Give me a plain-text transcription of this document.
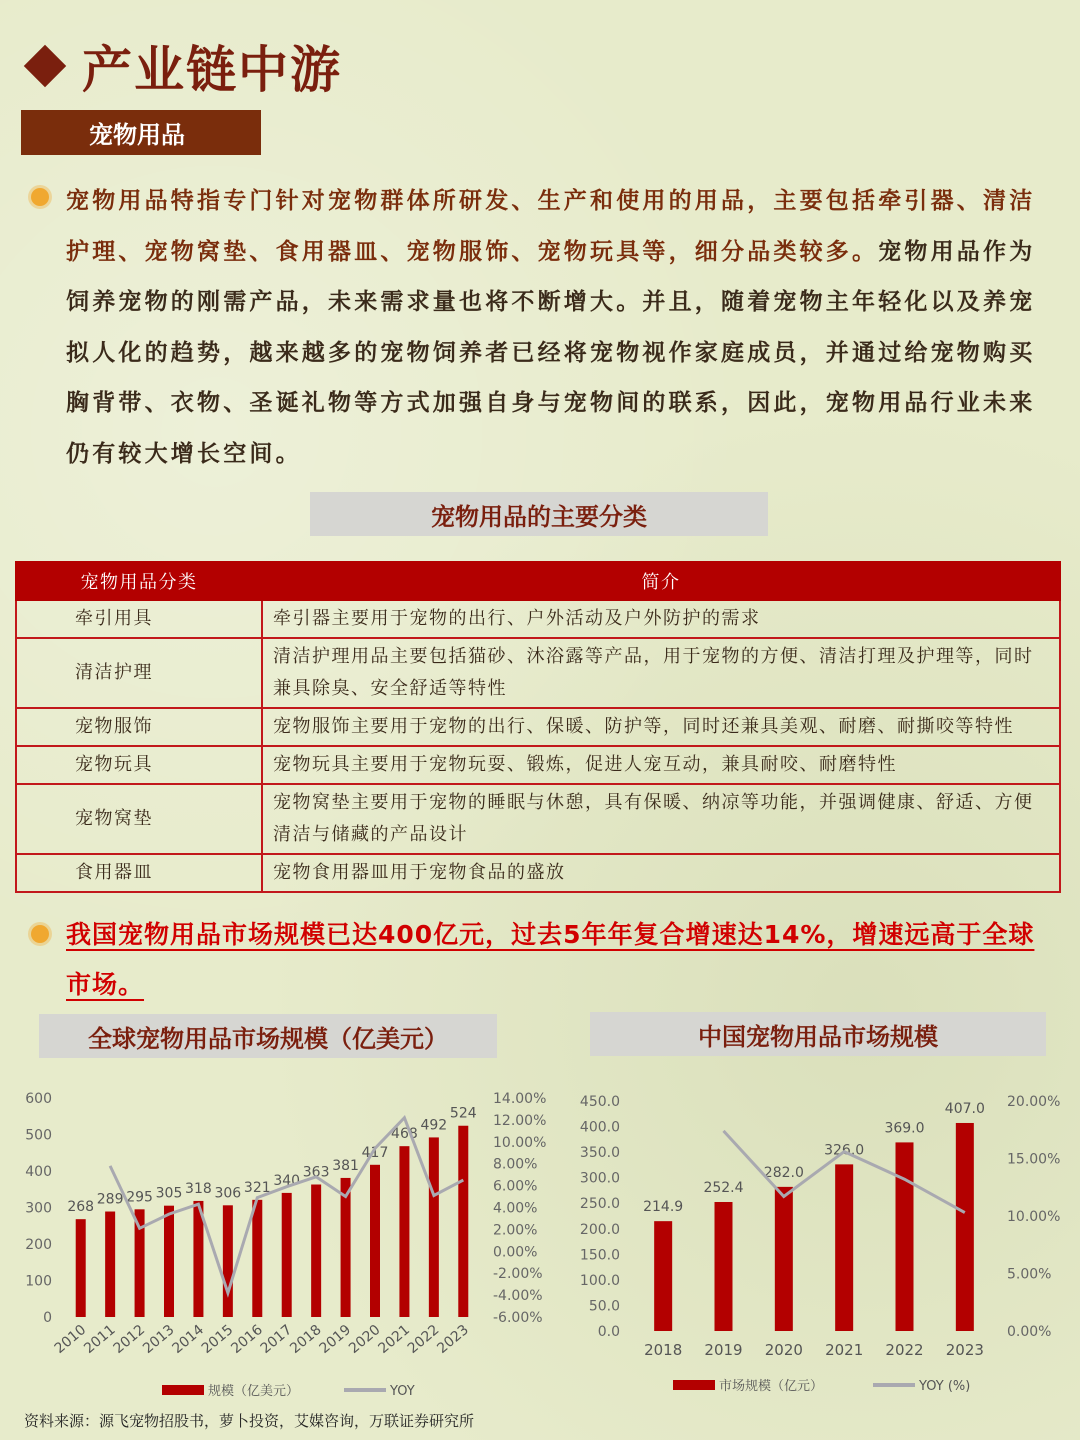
产业链中游
宠物用品
宠物用品特指专门针对宠物群体所研发、生产和使用的用品，主要包括牵引器、清洁护理、宠物窝垫、食用器皿、宠物服饰、宠物玩具等，细分品类较多。宠物用品作为饲养宠物的刚需产品，未来需求量也将不断增大。并且，随着宠物主年轻化以及养宠拟人化的趋势，越来越多的宠物饲养者已经将宠物视作家庭成员，并通过给宠物购买胸背带、衣物、圣诞礼物等方式加强自身与宠物间的联系，因此，宠物用品行业未来仍有较大增长空间。
宠物用品的主要分类
宠物用品分类	简介
牵引用具	牵引器主要用于宠物的出行、户外活动及户外防护的需求
清洁护理	清洁护理用品主要包括猫砂、沐浴露等产品，用于宠物的方便、清洁打理及护理等，同时兼具除臭、安全舒适等特性
宠物服饰	宠物服饰主要用于宠物的出行、保暖、防护等，同时还兼具美观、耐磨、耐撕咬等特性
宠物玩具	宠物玩具主要用于宠物玩耍、锻炼，促进人宠互动，兼具耐咬、耐磨特性
宠物窝垫	宠物窝垫主要用于宠物的睡眠与休憩，具有保暖、纳凉等功能，并强调健康、舒适、方便清洁与储藏的产品设计
食用器皿	宠物食用器皿用于宠物食品的盛放
我国宠物用品市场规模已达400亿元，过去5年年复合增速达14%，增速远高于全球市场。
全球宠物用品市场规模（亿美元）	中国宠物用品市场规模
0
100
200
300
400
500
600
-6.00%
-4.00%
-2.00%
0.00%
2.00%
4.00%
6.00%
8.00%
10.00%
12.00%
14.00%
268 289 295 305 318 306 321 340
363 381
417
468
492
524
2010
2011
2012
2013
2014
2015
2016
2017
2018
2019
2020
2021
2022
2023
规模（亿美元）	YOY
0.0
50.0
100.0
150.0
200.0
250.0
300.0
350.0
400.0
450.0
0.00%
5.00%
10.00%
15.00%
20.00%
214.9
252.4
282.0
326.0
369.0
407.0
2018 2019 2020 2021 2022 2023
市场规模（亿元）	YOY (%)
资料来源：源飞宠物招股书，萝卜投资，艾媒咨询，万联证券研究所
